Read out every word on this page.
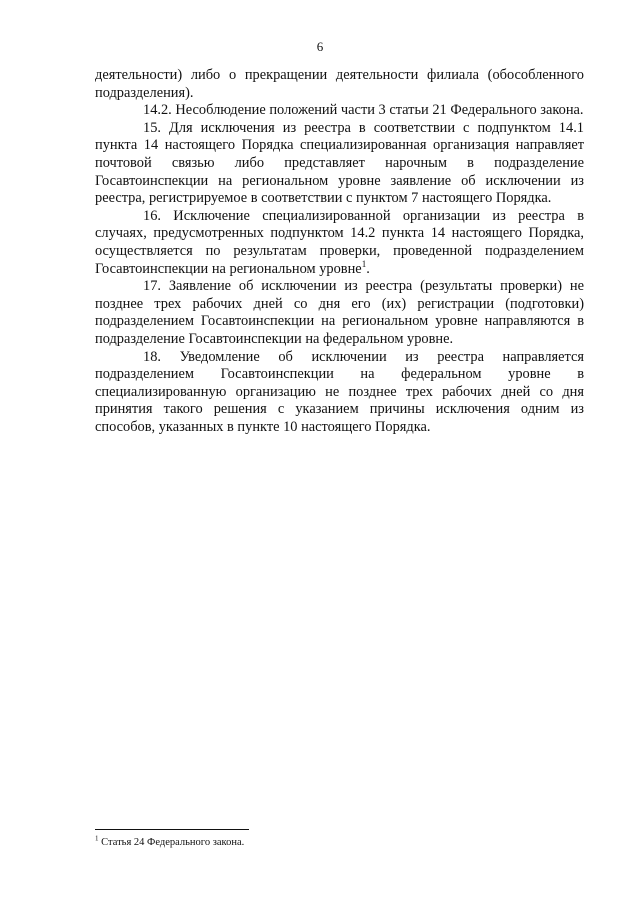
6

деятельности) либо о прекращении деятельности филиала (обособленного подразделения).

14.2. Несоблюдение положений части 3 статьи 21 Федерального закона.

15. Для исключения из реестра в соответствии с подпунктом 14.1 пункта 14 настоящего Порядка специализированная организация направляет почтовой связью либо представляет нарочным в подразделение Госавтоинспекции на региональном уровне заявление об исключении из реестра, регистрируемое в соответствии с пунктом 7 настоящего Порядка.

16. Исключение специализированной организации из реестра в случаях, предусмотренных подпунктом 14.2 пункта 14 настоящего Порядка, осуществляется по результатам проверки, проведенной подразделением Госавтоинспекции на региональном уровне$^1$.

17. Заявление об исключении из реестра (результаты проверки) не позднее трех рабочих дней со дня его (их) регистрации (подготовки) подразделением Госавтоинспекции на региональном уровне направляются в подразделение Госавтоинспекции на федеральном уровне.

18. Уведомление об исключении из реестра направляется подразделением Госавтоинспекции на федеральном уровне в специализированную организацию не позднее трех рабочих дней со дня принятия такого решения с указанием причины исключения одним из способов, указанных в пункте 10 настоящего Порядка.

$^1$ Статья 24 Федерального закона.
